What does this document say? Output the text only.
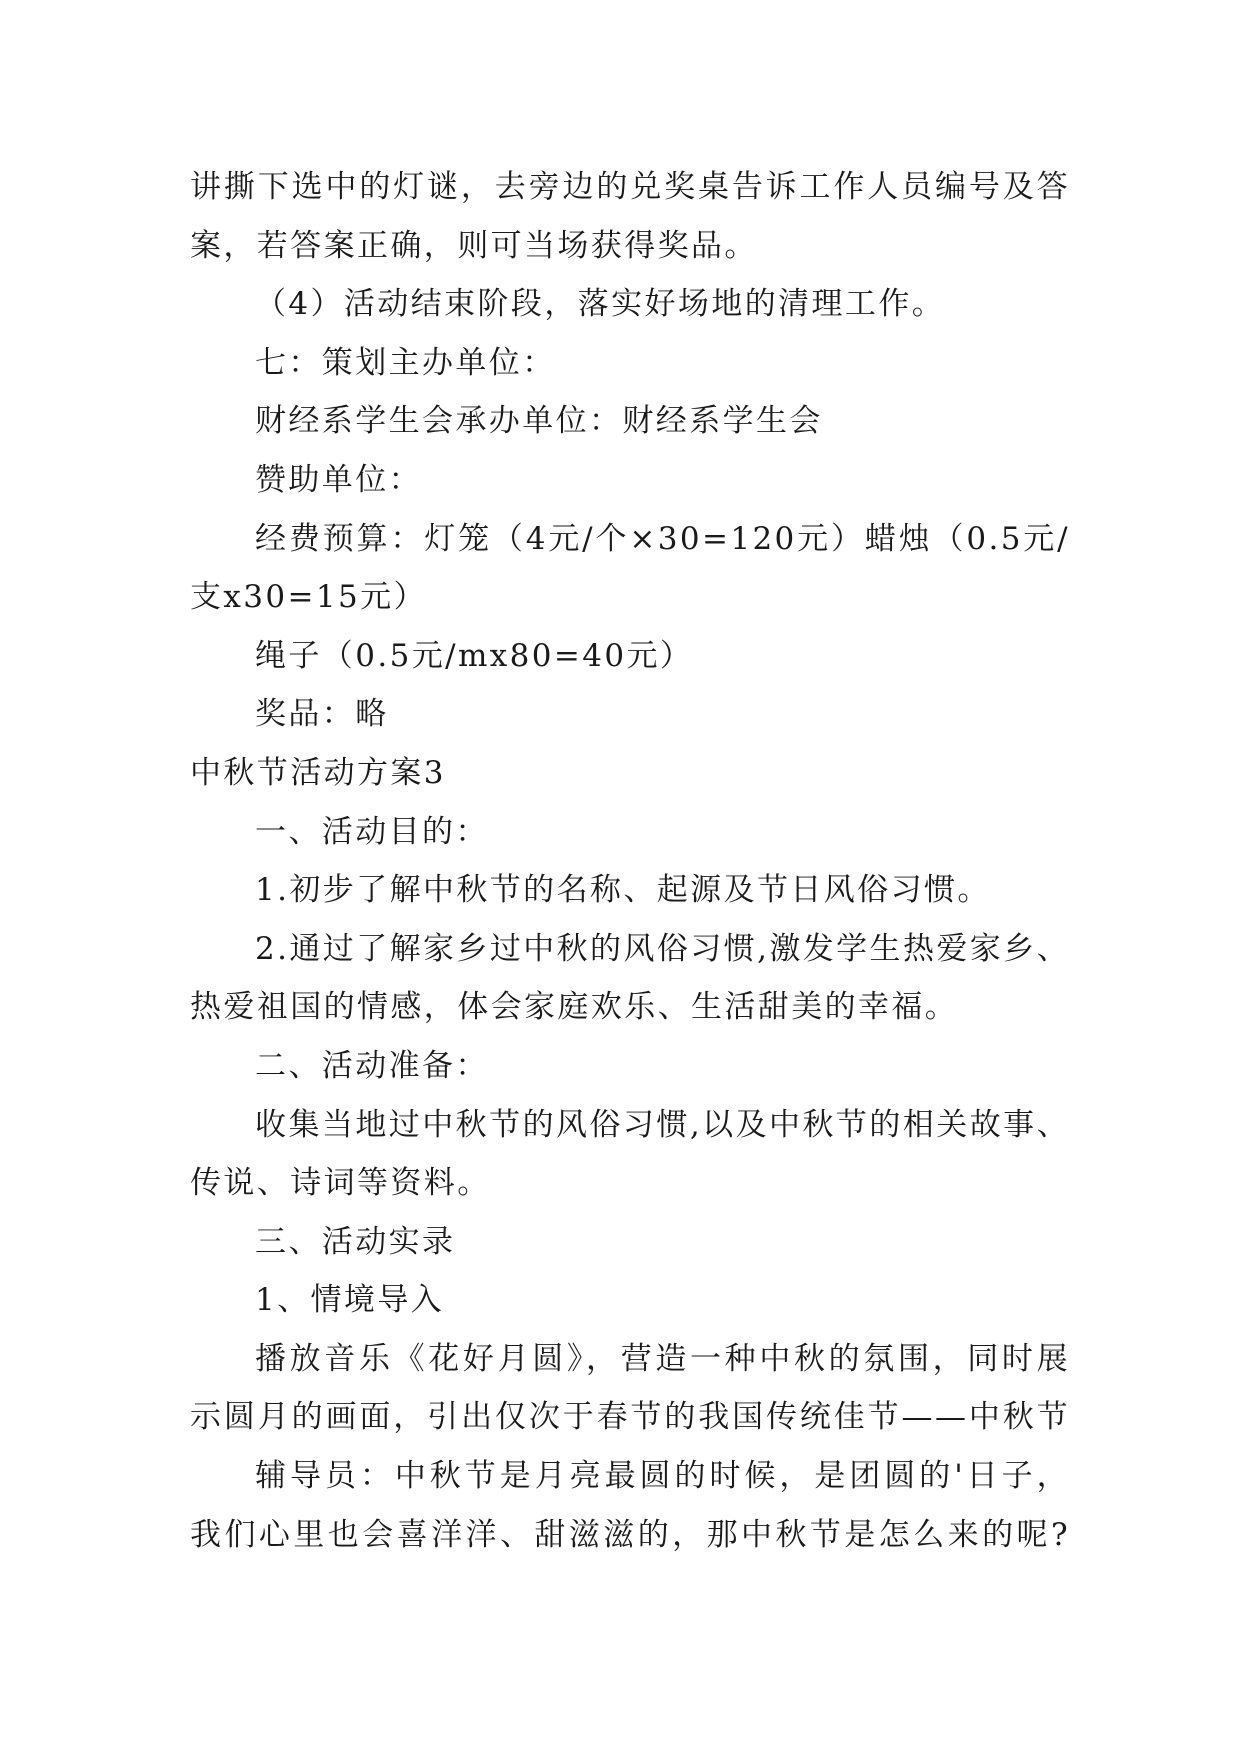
讲撕下选中的灯谜，去旁边的兑奖桌告诉工作人员编号及答
案，若答案正确，则可当场获得奖品。
（4）活动结束阶段，落实好场地的清理工作。
七：策划主办单位：
财经系学生会承办单位：财经系学生会
赞助单位：
经费预算：灯笼（4元/个×30=120元）蜡烛（0.5元/
支x30=15元）
绳子（0.5元/mx80=40元）
奖品：略
中秋节活动方案3
一、活动目的：
1.初步了解中秋节的名称、起源及节日风俗习惯。
2.通过了解家乡过中秋的风俗习惯,激发学生热爱家乡、
热爱祖国的情感，体会家庭欢乐、生活甜美的幸福。
二、活动准备：
收集当地过中秋节的风俗习惯,以及中秋节的相关故事、
传说、诗词等资料。
三、活动实录
1、情境导入
播放音乐《花好月圆》，营造一种中秋的氛围，同时展
示圆月的画面，引出仅次于春节的我国传统佳节——中秋节
辅导员：中秋节是月亮最圆的时候，是团圆的'日子，
我们心里也会喜洋洋、甜滋滋的，那中秋节是怎么来的呢?
